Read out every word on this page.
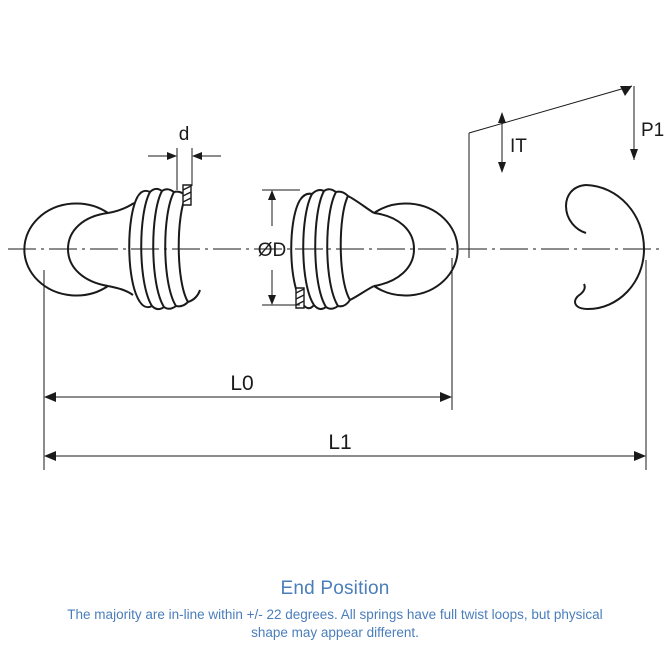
d
ØD
IT
P1
L0
L1

End Position

The majority are in-line within +/- 22 degrees. All springs have full twist loops, but physical shape may appear different.
